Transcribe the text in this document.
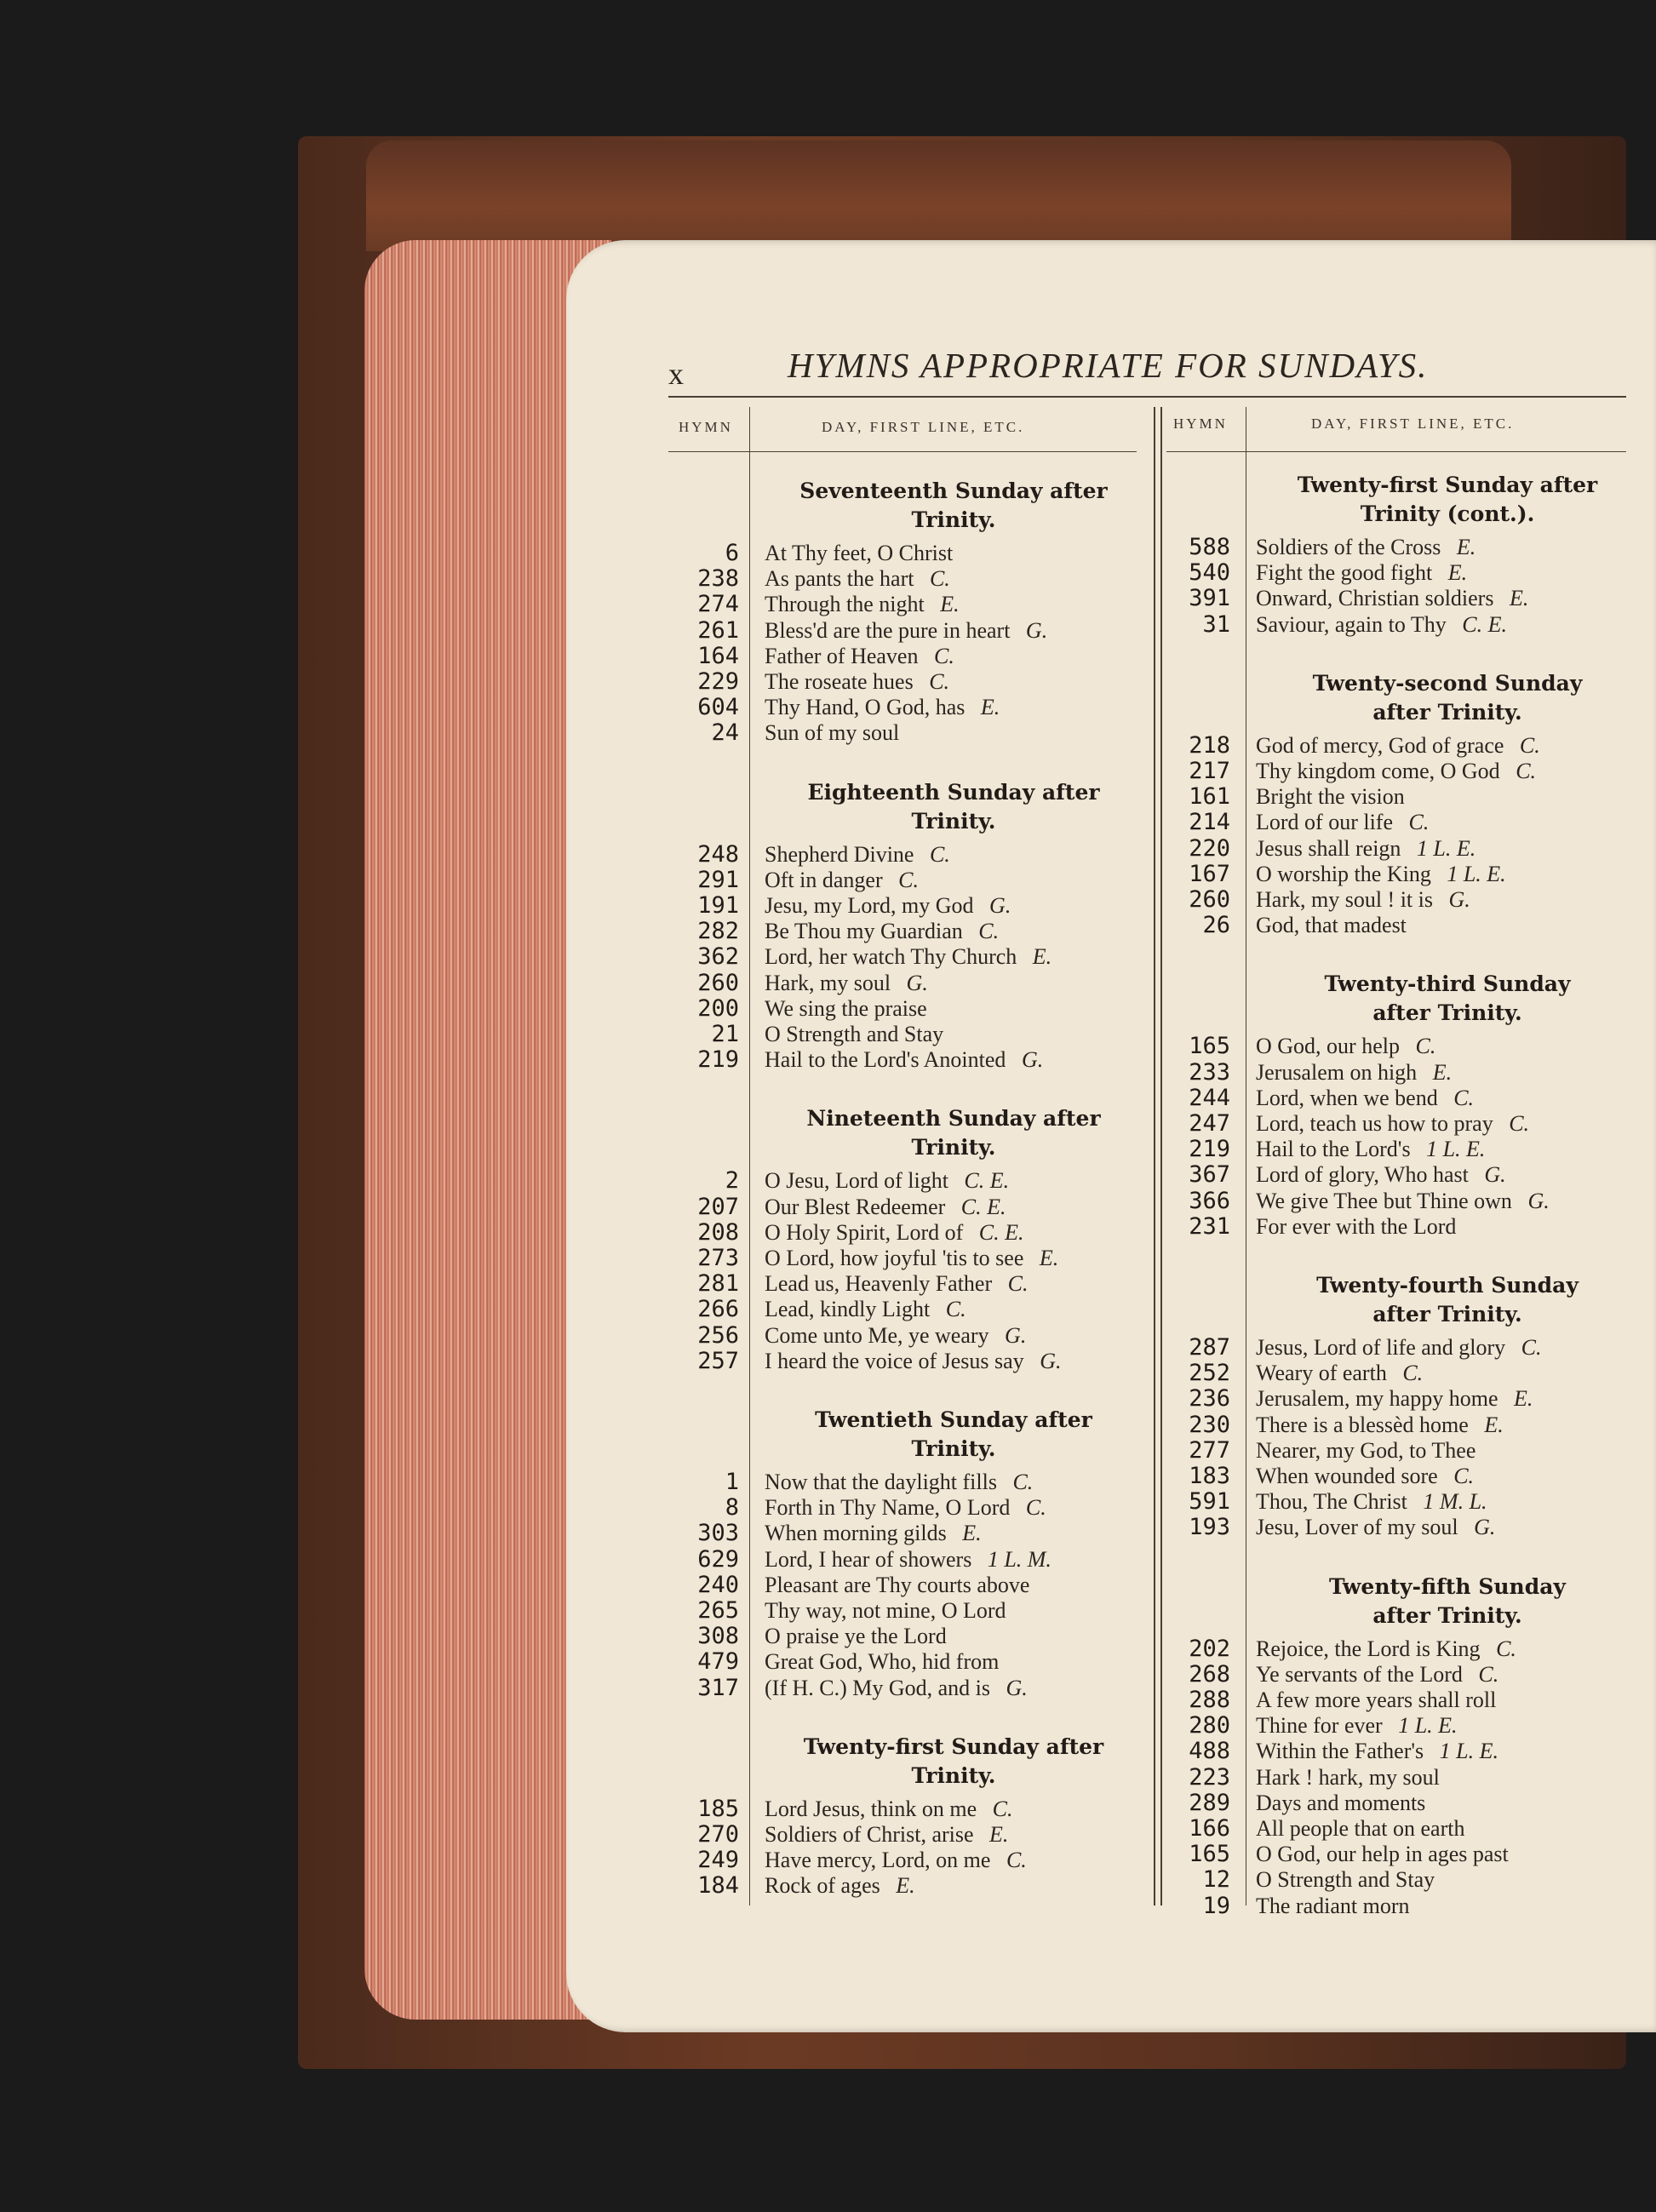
x	HYMNS APPROPRIATE FOR SUNDAYS.
HYMN	DAY, FIRST LINE, ETC.	HYMN	DAY, FIRST LINE, ETC.
Seventeenth Sunday after
Trinity.
6 At Thy feet, O Christ
238 As pants the hart C.
274 Through the night E.
261 Bless'd are the pure in heart G.
164 Father of Heaven C.
229 The roseate hues C.
604 Thy Hand, O God, has E.
24 Sun of my soul
Eighteenth Sunday after
Trinity.
248 Shepherd Divine C.
291 Oft in danger C.
191 Jesu, my Lord, my God G.
282 Be Thou my Guardian C.
362 Lord, her watch Thy Church E.
260 Hark, my soul G.
200 We sing the praise
21 O Strength and Stay
219 Hail to the Lord's Anointed G.
Nineteenth Sunday after
Trinity.
2 O Jesu, Lord of light C. E.
207 Our Blest Redeemer C. E.
208 O Holy Spirit, Lord of C. E.
273 O Lord, how joyful 'tis to see E.
281 Lead us, Heavenly Father C.
266 Lead, kindly Light C.
256 Come unto Me, ye weary G.
257 I heard the voice of Jesus say G.
Twentieth Sunday after
Trinity.
1 Now that the daylight fills C.
8 Forth in Thy Name, O Lord C.
303 When morning gilds E.
629 Lord, I hear of showers 1 L. M.
240 Pleasant are Thy courts above
265 Thy way, not mine, O Lord
308 O praise ye the Lord
479 Great God, Who, hid from
317 (If H. C.) My God, and is G.
Twenty-first Sunday after
Trinity.
185 Lord Jesus, think on me C.
270 Soldiers of Christ, arise E.
249 Have mercy, Lord, on me C.
184 Rock of ages E.
Twenty-first Sunday after
Trinity (cont.).
588 Soldiers of the Cross E.
540 Fight the good fight E.
391 Onward, Christian soldiers E.
31 Saviour, again to Thy C. E.
Twenty-second Sunday
after Trinity.
218 God of mercy, God of grace C.
217 Thy kingdom come, O God C.
161 Bright the vision
214 Lord of our life C.
220 Jesus shall reign 1 L. E.
167 O worship the King 1 L. E.
260 Hark, my soul ! it is G.
26 God, that madest
Twenty-third Sunday
after Trinity.
165 O God, our help C.
233 Jerusalem on high E.
244 Lord, when we bend C.
247 Lord, teach us how to pray C.
219 Hail to the Lord's 1 L. E.
367 Lord of glory, Who hast G.
366 We give Thee but Thine own G.
231 For ever with the Lord
Twenty-fourth Sunday
after Trinity.
287 Jesus, Lord of life and glory C.
252 Weary of earth C.
236 Jerusalem, my happy home E.
230 There is a blessèd home E.
277 Nearer, my God, to Thee
183 When wounded sore C.
591 Thou, The Christ 1 M. L.
193 Jesu, Lover of my soul G.
Twenty-fifth Sunday
after Trinity.
202 Rejoice, the Lord is King C.
268 Ye servants of the Lord C.
288 A few more years shall roll
280 Thine for ever 1 L. E.
488 Within the Father's 1 L. E.
223 Hark ! hark, my soul
289 Days and moments
166 All people that on earth
165 O God, our help in ages past
12 O Strength and Stay
19 The radiant morn
